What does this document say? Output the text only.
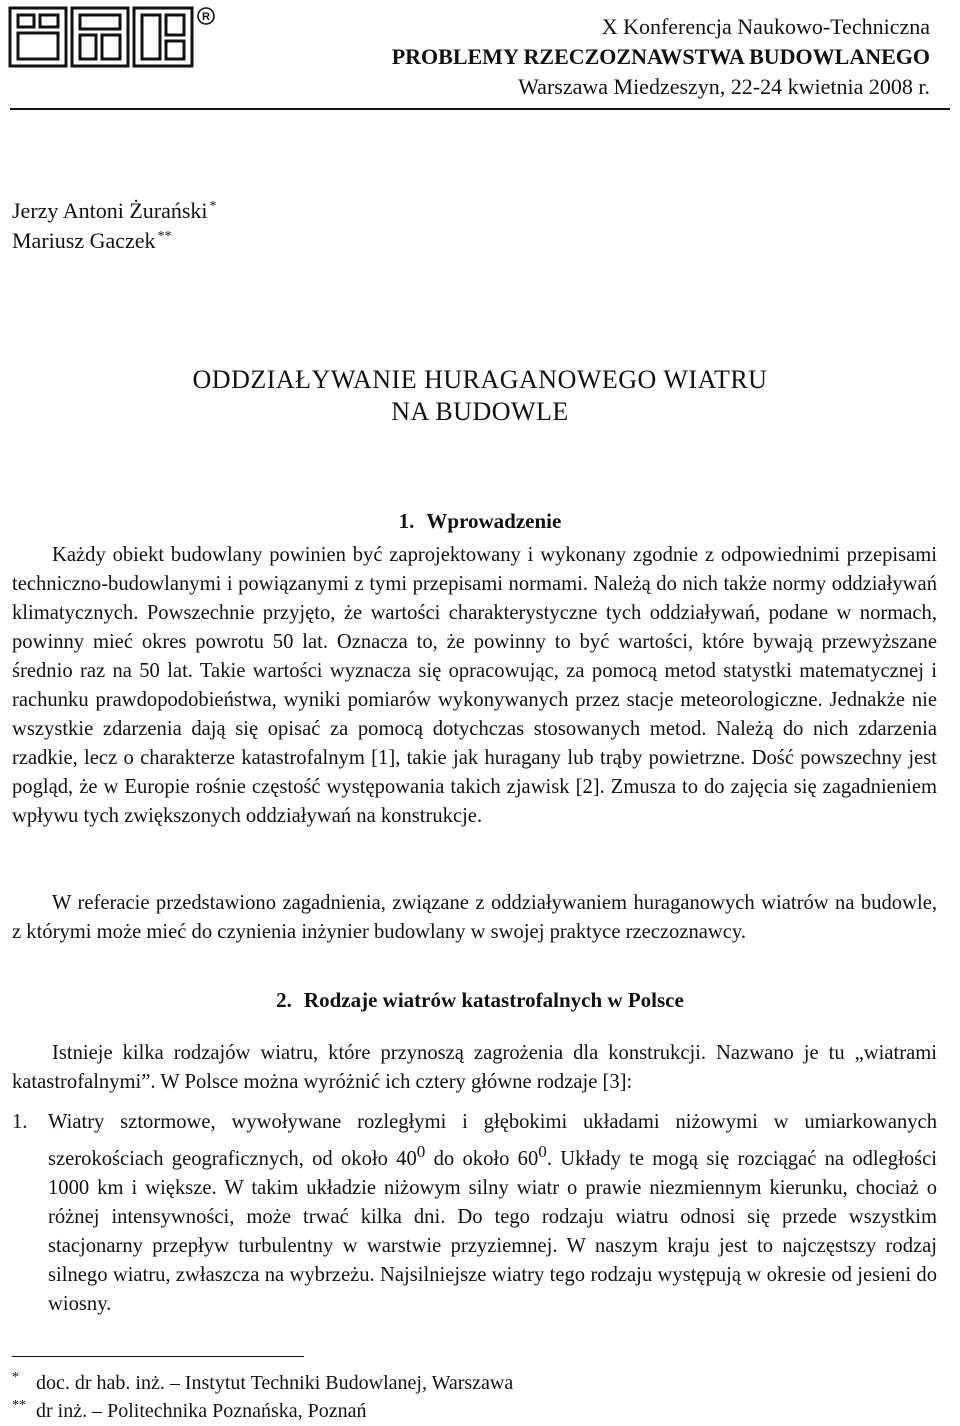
R	X Konferencja Naukowo-Techniczna
PROBLEMY RZECZOZNAWSTWA BUDOWLANEGO
Warszawa Miedzeszyn, 22-24 kwietnia 2008 r.
Jerzy Antoni Żurański *
Mariusz Gaczek **
ODDZIAŁYWANIE HURAGANOWEGO WIATRU
NA BUDOWLE
1. Wprowadzenie

Każdy obiekt budowlany powinien być zaprojektowany i wykonany zgodnie z odpowiednimi przepisami techniczno-budowlanymi i powiązanymi z tymi przepisami normami. Należą do nich także normy oddziaływań klimatycznych. Powszechnie przyjęto, że wartości charakterystyczne tych oddziaływań, podane w normach, powinny mieć okres powrotu 50 lat. Oznacza to, że powinny to być wartości, które bywają przewyższane średnio raz na 50 lat. Takie wartości wyznacza się opracowując, za pomocą metod statystki matematycznej i rachunku prawdopodobieństwa, wyniki pomiarów wykonywanych przez stacje meteorologiczne. Jednakże nie wszystkie zdarzenia dają się opisać za pomocą dotychczas stosowanych metod. Należą do nich zdarzenia rzadkie, lecz o charakterze katastrofalnym [1], takie jak huragany lub trąby powietrzne. Dość powszechny jest pogląd, że w Europie rośnie częstość występowania takich zjawisk [2]. Zmusza to do zajęcia się zagadnieniem wpływu tych zwiększonych oddziaływań na konstrukcje.

W referacie przedstawiono zagadnienia, związane z oddziaływaniem huraganowych wiatrów na budowle, z którymi może mieć do czynienia inżynier budowlany w swojej praktyce rzeczoznawcy.

2. Rodzaje wiatrów katastrofalnych w Polsce

Istnieje kilka rodzajów wiatru, które przynoszą zagrożenia dla konstrukcji. Nazwano je tu „wiatrami katastrofalnymi”. W Polsce można wyróżnić ich cztery główne rodzaje [3]:

1. Wiatry sztormowe, wywoływane rozległymi i głębokimi układami niżowymi w umiarkowanych szerokościach geograficznych, od około $40^0$ do około $60^0$. Układy te mogą się rozciągać na odległości 1000 km i większe. W takim układzie niżowym silny wiatr o prawie niezmiennym kierunku, chociaż o różnej intensywności, może trwać kilka dni. Do tego rodzaju wiatru odnosi się przede wszystkim stacjonarny przepływ turbulentny w warstwie przyziemnej. W naszym kraju jest to najczęstszy rodzaj silnego wiatru, zwłaszcza na wybrzeżu. Najsilniejsze wiatry tego rodzaju występują w okresie od jesieni do wiosny.
* doc. dr hab. inż. – Instytut Techniki Budowlanej, Warszawa
** dr inż. – Politechnika Poznańska, Poznań
